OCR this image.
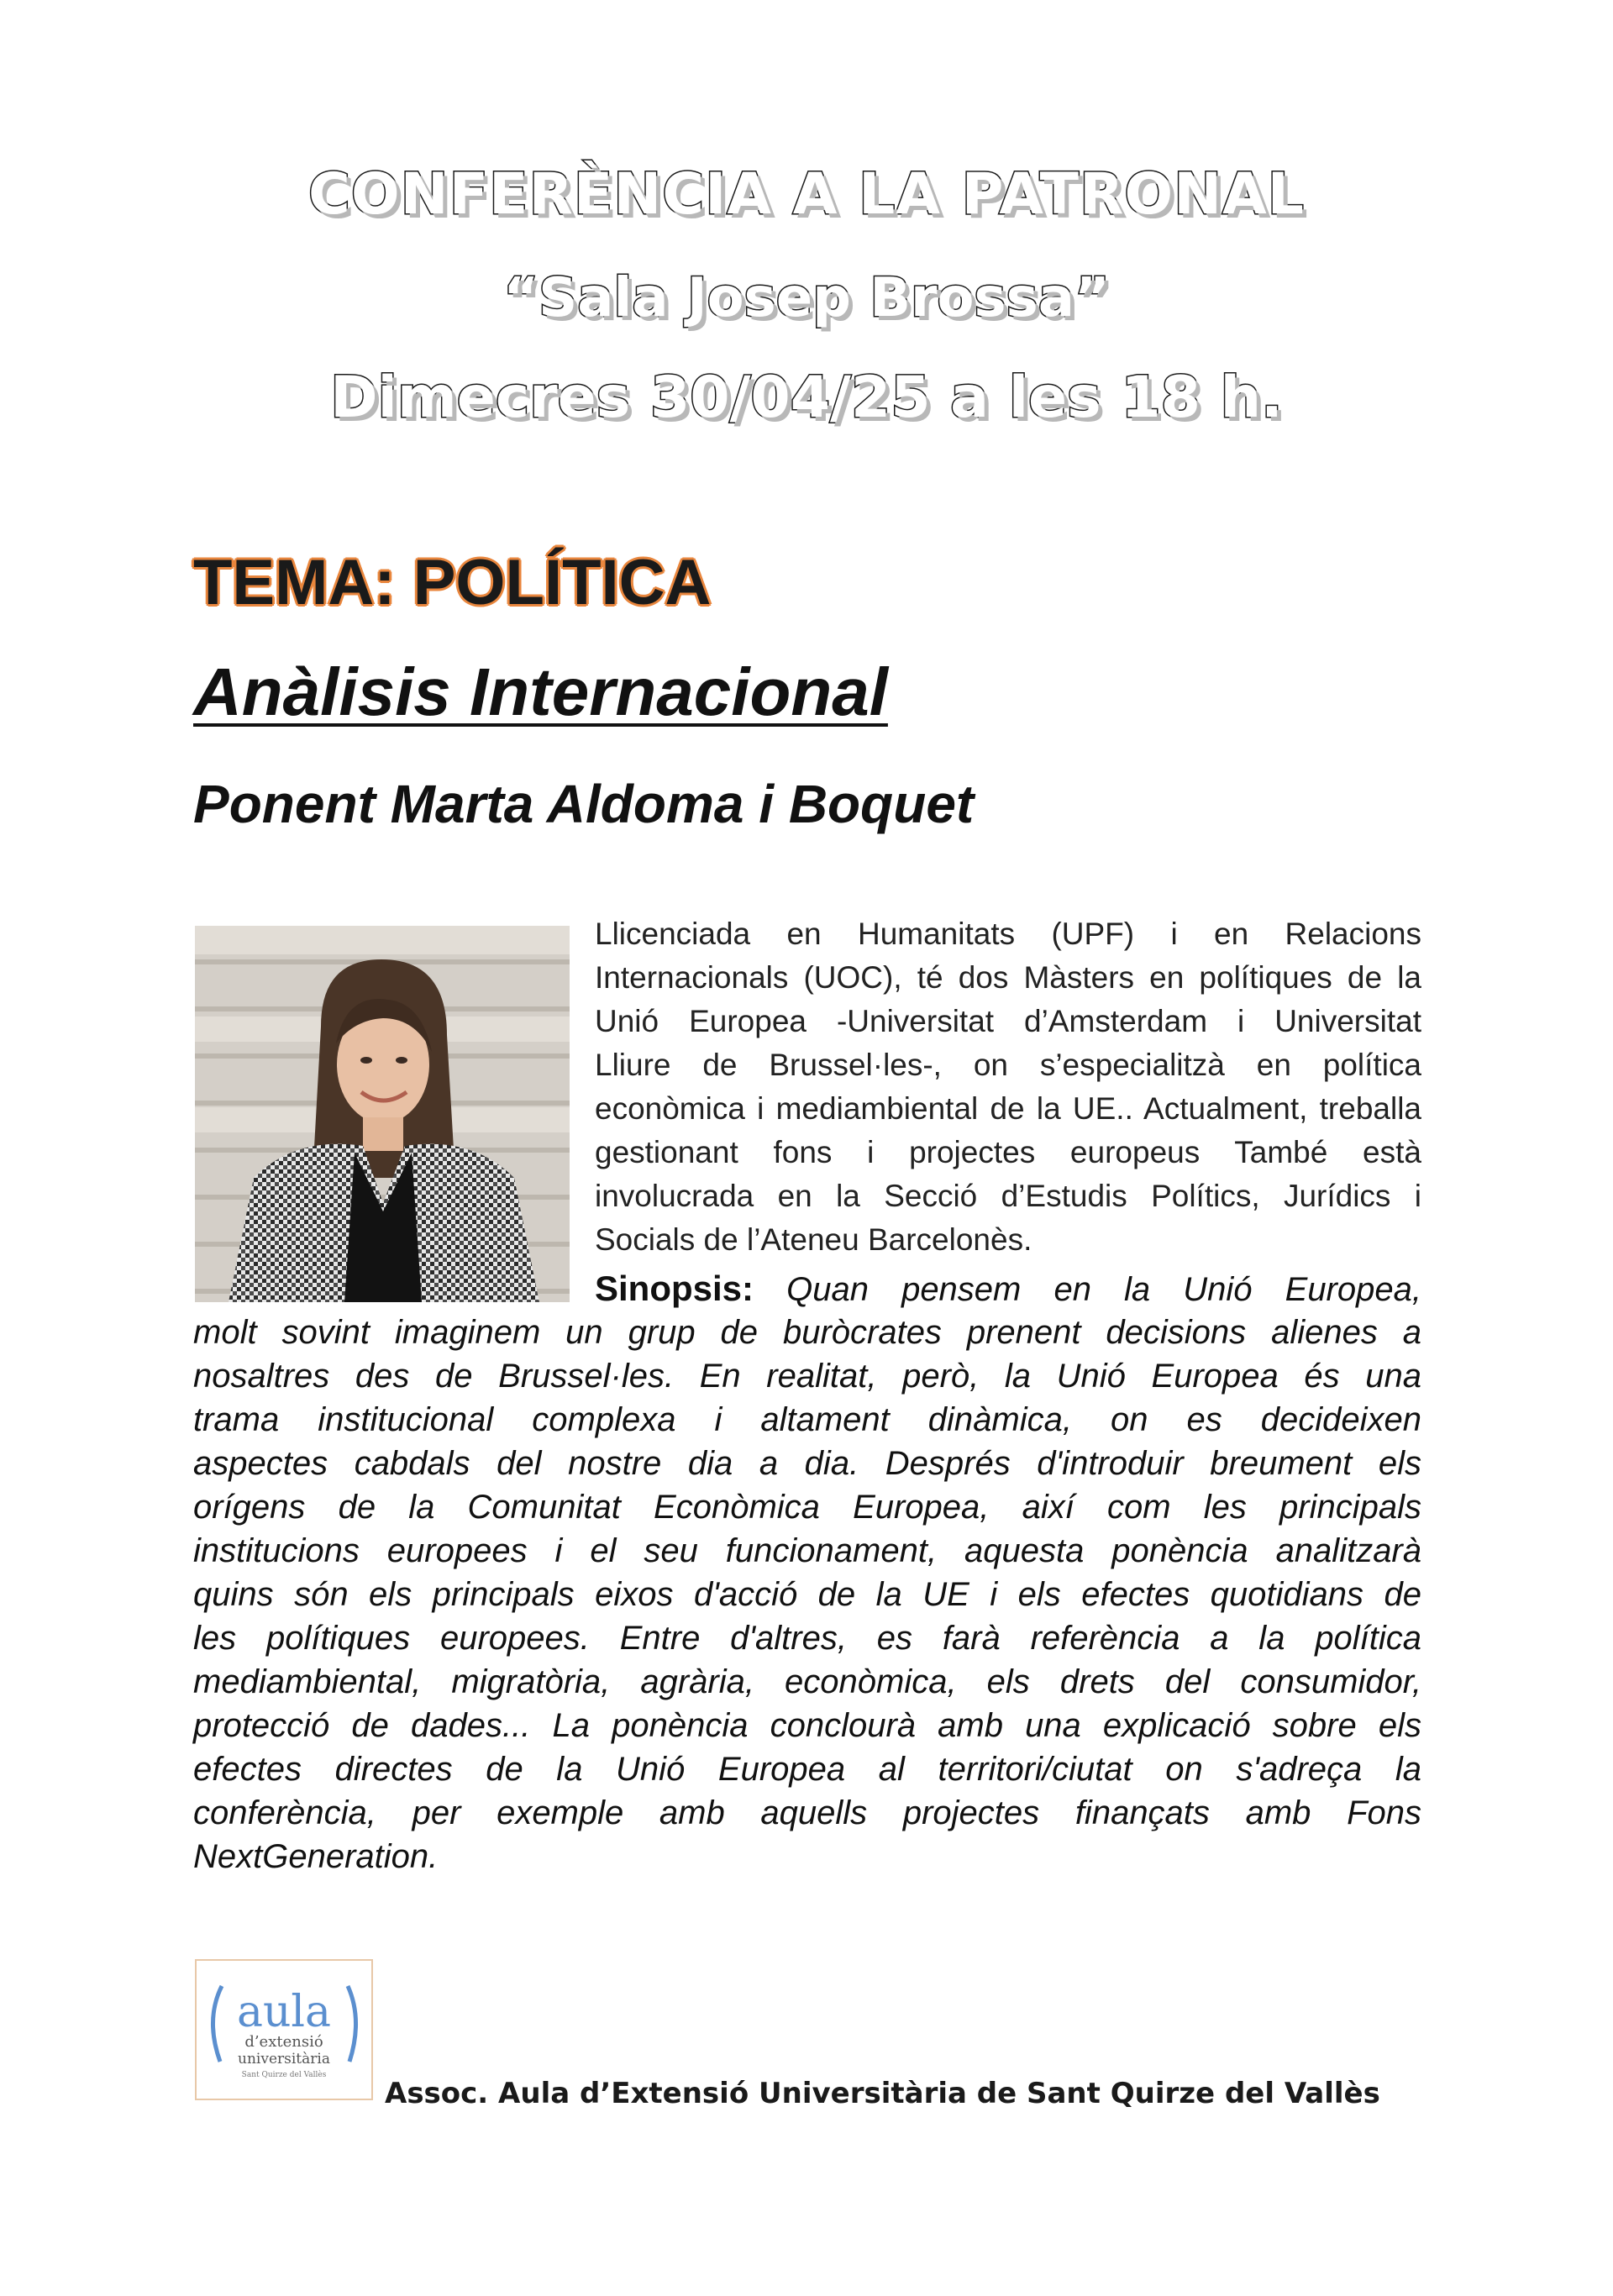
CONFERÈNCIA A LA PATRONAL
“Sala Josep Brossa”
Dimecres 30/04/25 a les 18 h.
TEMA: POLÍTICA
Anàlisis Internacional
Ponent Marta Aldoma i Boquet
Llicenciada en Humanitats (UPF) i en Relacions
Internacionals (UOC), té dos Màsters en polítiques de la
Unió Europea -Universitat d’Amsterdam i Universitat
Lliure de Brussel·les-, on s’especialitzà en política
econòmica i mediambiental de la UE.. Actualment, treballa
gestionant fons i projectes europeus També està
involucrada en la Secció d’Estudis Polítics, Jurídics i
Socials de l’Ateneu Barcelonès.
Sinopsis: Quan pensem en la Unió Europea,
molt sovint imaginem un grup de buròcrates prenent decisions alienes a
nosaltres des de Brussel·les. En realitat, però, la Unió Europea és una
trama institucional complexa i altament dinàmica, on es decideixen
aspectes cabdals del nostre dia a dia. Després d'introduir breument els
orígens de la Comunitat Econòmica Europea, així com les principals
institucions europees i el seu funcionament, aquesta ponència analitzarà
quins són els principals eixos d'acció de la UE i els efectes quotidians de
les polítiques europees. Entre d'altres, es farà referència a la política
mediambiental, migratòria, agrària, econòmica, els drets del consumidor,
protecció de dades... La ponència conclourà amb una explicació sobre els
efectes directes de la Unió Europea al territori/ciutat on s'adreça la
conferència, per exemple amb aquells projectes finançats amb Fons
NextGeneration.
aula
d’extensió
universitària
Sant Quirze del Vallès

Assoc. Aula d’Extensió Universitària de Sant Quirze del Vallès
